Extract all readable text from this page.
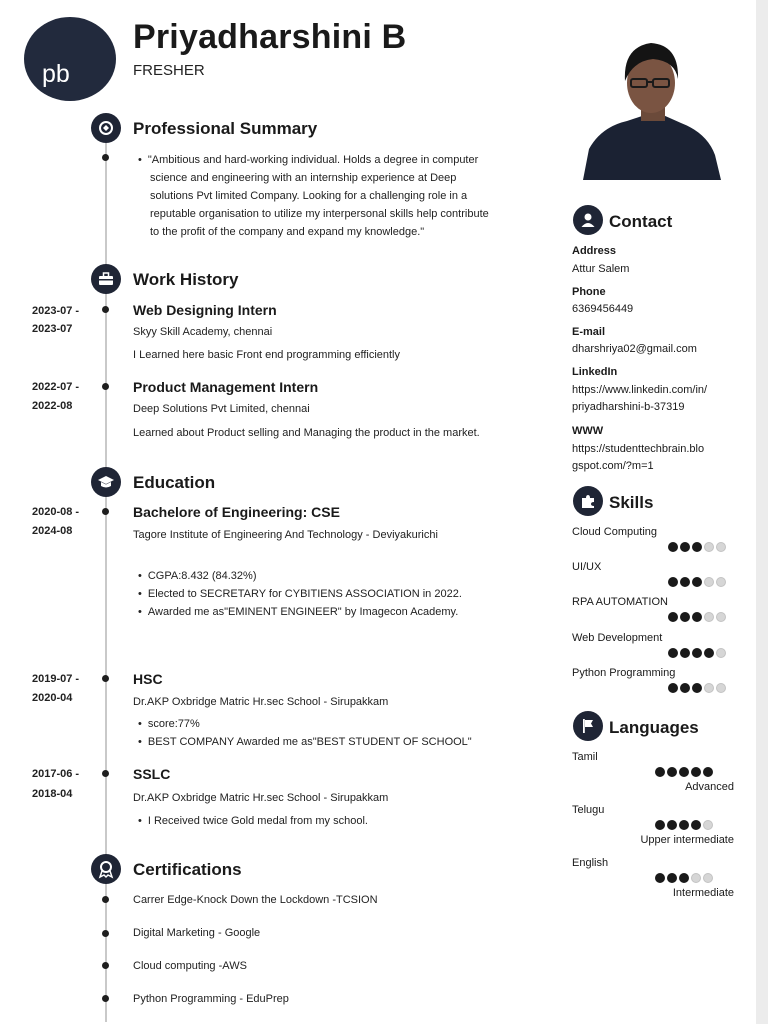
pb
Priyadharshini B
FRESHER
Professional Summary
• "Ambitious and hard-working individual. Holds a degree in computer
science and engineering with an internship experience at Deep
solutions Pvt limited Company. Looking for a challenging role in a
reputable organisation to utilize my interpersonal skills help contribute
to the profit of the company and expand my knowledge."
Work History
2023-07 -
2023-07
Web Designing Intern
Skyy Skill Academy, chennai
I Learned here basic Front end programming efficiently
2022-07 -
2022-08
Product Management Intern
Deep Solutions Pvt Limited, chennai
Learned about Product selling and Managing the product in the market.
Education
2020-08 -
2024-08
Bachelore of Engineering: CSE
Tagore Institute of Engineering And Technology - Deviyakurichi
• CGPA:8.432 (84.32%)
• Elected to SECRETARY for CYBITIENS ASSOCIATION in 2022.
• Awarded me as"EMINENT ENGINEER" by Imagecon Academy.
2019-07 -
2020-04
HSC
Dr.AKP Oxbridge Matric Hr.sec School - Sirupakkam
• score:77%
• BEST COMPANY Awarded me as"BEST STUDENT OF SCHOOL"
2017-06 -
2018-04
SSLC
Dr.AKP Oxbridge Matric Hr.sec School - Sirupakkam
• I Received twice Gold medal from my school.
Certifications
Carrer Edge-Knock Down the Lockdown -TCSION
Digital Marketing - Google
Cloud computing -AWS
Python Programming - EduPrep
Contact
Address
Attur Salem
Phone
6369456449
E-mail
dharshriya02@gmail.com
LinkedIn
https://www.linkedin.com/in/
priyadharshini-b-37319
WWW
https://studenttechbrain.blo
gspot.com/?m=1
Skills
Cloud Computing
UI/UX
RPA AUTOMATION
Web Development
Python Programming
Languages
Tamil
Advanced
Telugu
Upper intermediate
English
Intermediate
